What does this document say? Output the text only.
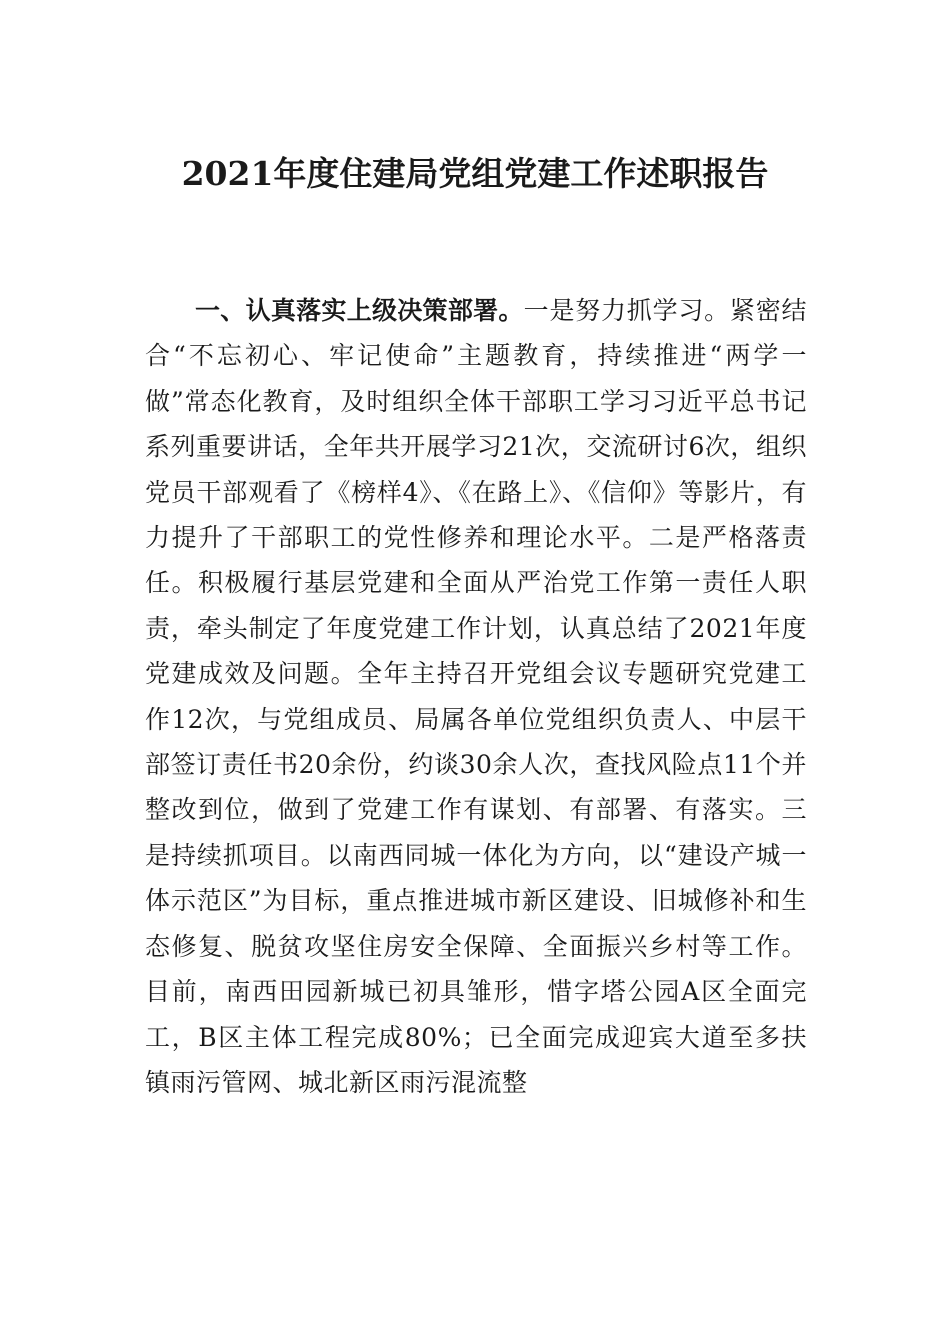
2021年度住建局党组党建工作述职报告

一、认真落实上级决策部署。一是努力抓学习。紧密结合“不忘初心、牢记使命”主题教育，持续推进“两学一做”常态化教育，及时组织全体干部职工学习习近平总书记系列重要讲话，全年共开展学习21次，交流研讨6次，组织党员干部观看了《榜样4》、《在路上》、《信仰》等影片，有力提升了干部职工的党性修养和理论水平。二是严格落责任。积极履行基层党建和全面从严治党工作第一责任人职责，牵头制定了年度党建工作计划，认真总结了2021年度党建成效及问题。全年主持召开党组会议专题研究党建工作12次，与党组成员、局属各单位党组织负责人、中层干部签订责任书20余份，约谈30余人次，查找风险点11个并整改到位，做到了党建工作有谋划、有部署、有落实。三是持续抓项目。以南西同城一体化为方向，以“建设产城一体示范区”为目标，重点推进城市新区建设、旧城修补和生态修复、脱贫攻坚住房安全保障、全面振兴乡村等工作。目前，南西田园新城已初具雏形，惜字塔公园A区全面完工，B区主体工程完成80%；已全面完成迎宾大道至多扶镇雨污管网、城北新区雨污混流整
